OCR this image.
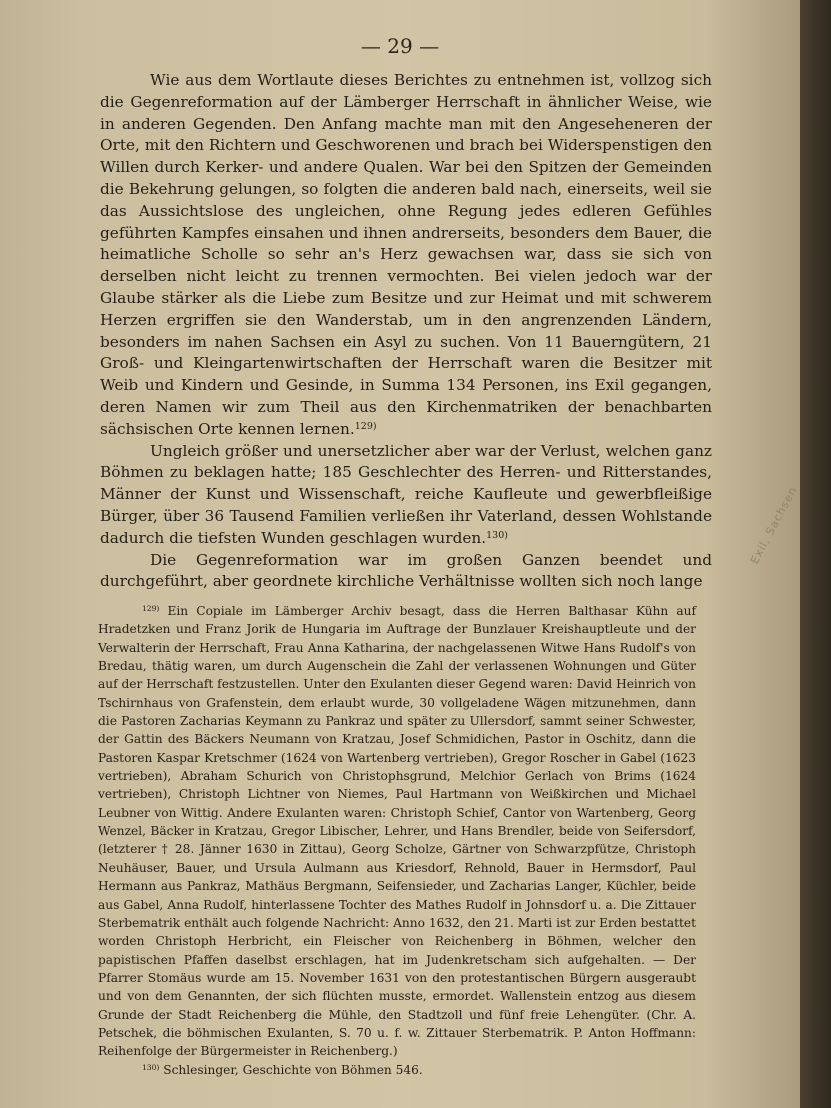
— 29 —

Wie aus dem Wortlaute dieses Berichtes zu entnehmen ist, vollzog sich die Gegenreformation auf der Lämberger Herrschaft in ähnlicher Weise, wie in anderen Gegenden. Den Anfang machte man mit den Angeseheneren der Orte, mit den Richtern und Geschworenen und brach bei Widerspenstigen den Willen durch Kerker- und andere Qualen. War bei den Spitzen der Gemeinden die Bekehrung gelungen, so folgten die anderen bald nach, einerseits, weil sie das Aussichtslose des ungleichen, ohne Regung jedes edleren Gefühles geführten Kampfes einsahen und ihnen andrerseits, besonders dem Bauer, die heimatliche Scholle so sehr an's Herz gewachsen war, dass sie sich von derselben nicht leicht zu trennen vermochten. Bei vielen jedoch war der Glaube stärker als die Liebe zum Besitze und zur Heimat und mit schwerem Herzen ergriffen sie den Wanderstab, um in den angrenzenden Ländern, besonders im nahen Sachsen ein Asyl zu suchen. Von 11 Bauerngütern, 21 Groß- und Kleingartenwirtschaften der Herrschaft waren die Besitzer mit Weib und Kindern und Gesinde, in Summa 134 Personen, ins Exil gegangen, deren Namen wir zum Theil aus den Kirchenmatriken der benachbarten sächsischen Orte kennen lernen.$^{129)}$

Ungleich größer und unersetzlicher aber war der Verlust, welchen ganz Böhmen zu beklagen hatte; 185 Geschlechter des Herren- und Ritterstandes, Männer der Kunst und Wissenschaft, reiche Kaufleute und gewerbfleißige Bürger, über 36 Tausend Familien verließen ihr Vaterland, dessen Wohlstande dadurch die tiefsten Wunden geschlagen wurden.$^{130)}$

Die Gegenreformation war im großen Ganzen beendet und durchgeführt, aber geordnete kirchliche Verhältnisse wollten sich noch lange

$^{129)}$ Ein Copiale im Lämberger Archiv besagt, dass die Herren Balthasar Kühn auf Hradetzken und Franz Jorik de Hungaria im Auftrage der Bunzlauer Kreishauptleute und der Verwalterin der Herrschaft, Frau Anna Katharina, der nachgelassenen Witwe Hans Rudolf's von Bredau, thätig waren, um durch Augenschein die Zahl der verlassenen Wohnungen und Güter auf der Herrschaft festzustellen. Unter den Exulanten dieser Gegend waren: David Heinrich von Tschirnhaus von Grafenstein, dem erlaubt wurde, 30 vollgeladene Wägen mitzunehmen, dann die Pastoren Zacharias Keymann zu Pankraz und später zu Ullersdorf, sammt seiner Schwester, der Gattin des Bäckers Neumann von Kratzau, Josef Schmidichen, Pastor in Oschitz, dann die Pastoren Kaspar Kretschmer (1624 von Wartenberg vertrieben), Gregor Roscher in Gabel (1623 vertrieben), Abraham Schurich von Christophsgrund, Melchior Gerlach von Brims (1624 vertrieben), Christoph Lichtner von Niemes, Paul Hartmann von Weißkirchen und Michael Leubner von Wittig. Andere Exulanten waren: Christoph Schief, Cantor von Wartenberg, Georg Wenzel, Bäcker in Kratzau, Gregor Libischer, Lehrer, und Hans Brendler, beide von Seifersdorf, (letzterer † 28. Jänner 1630 in Zittau), Georg Scholze, Gärtner von Schwarzpfütze, Christoph Neuhäuser, Bauer, und Ursula Aulmann aus Kriesdorf, Rehnold, Bauer in Hermsdorf, Paul Hermann aus Pankraz, Mathäus Bergmann, Seifensieder, und Zacharias Langer, Küchler, beide aus Gabel, Anna Rudolf, hinterlassene Tochter des Mathes Rudolf in Johnsdorf u. a. Die Zittauer Sterbematrik enthält auch folgende Nachricht: Anno 1632, den 21. Marti ist zur Erden bestattet worden Christoph Herbricht, ein Fleischer von Reichenberg in Böhmen, welcher den papistischen Pfaffen daselbst erschlagen, hat im Judenkretscham sich aufgehalten. — Der Pfarrer Stomäus wurde am 15. November 1631 von den protestantischen Bürgern ausgeraubt und von dem Genannten, der sich flüchten musste, ermordet. Wallenstein entzog aus diesem Grunde der Stadt Reichenberg die Mühle, den Stadtzoll und fünf freie Lehengüter. (Chr. A. Petschek, die böhmischen Exulanten, S. 70 u. f. w. Zittauer Sterbematrik. P. Anton Hoffmann: Reihenfolge der Bürgermeister in Reichenberg.)

$^{130)}$ Schlesinger, Geschichte von Böhmen 546.

Exil, Sachsen
